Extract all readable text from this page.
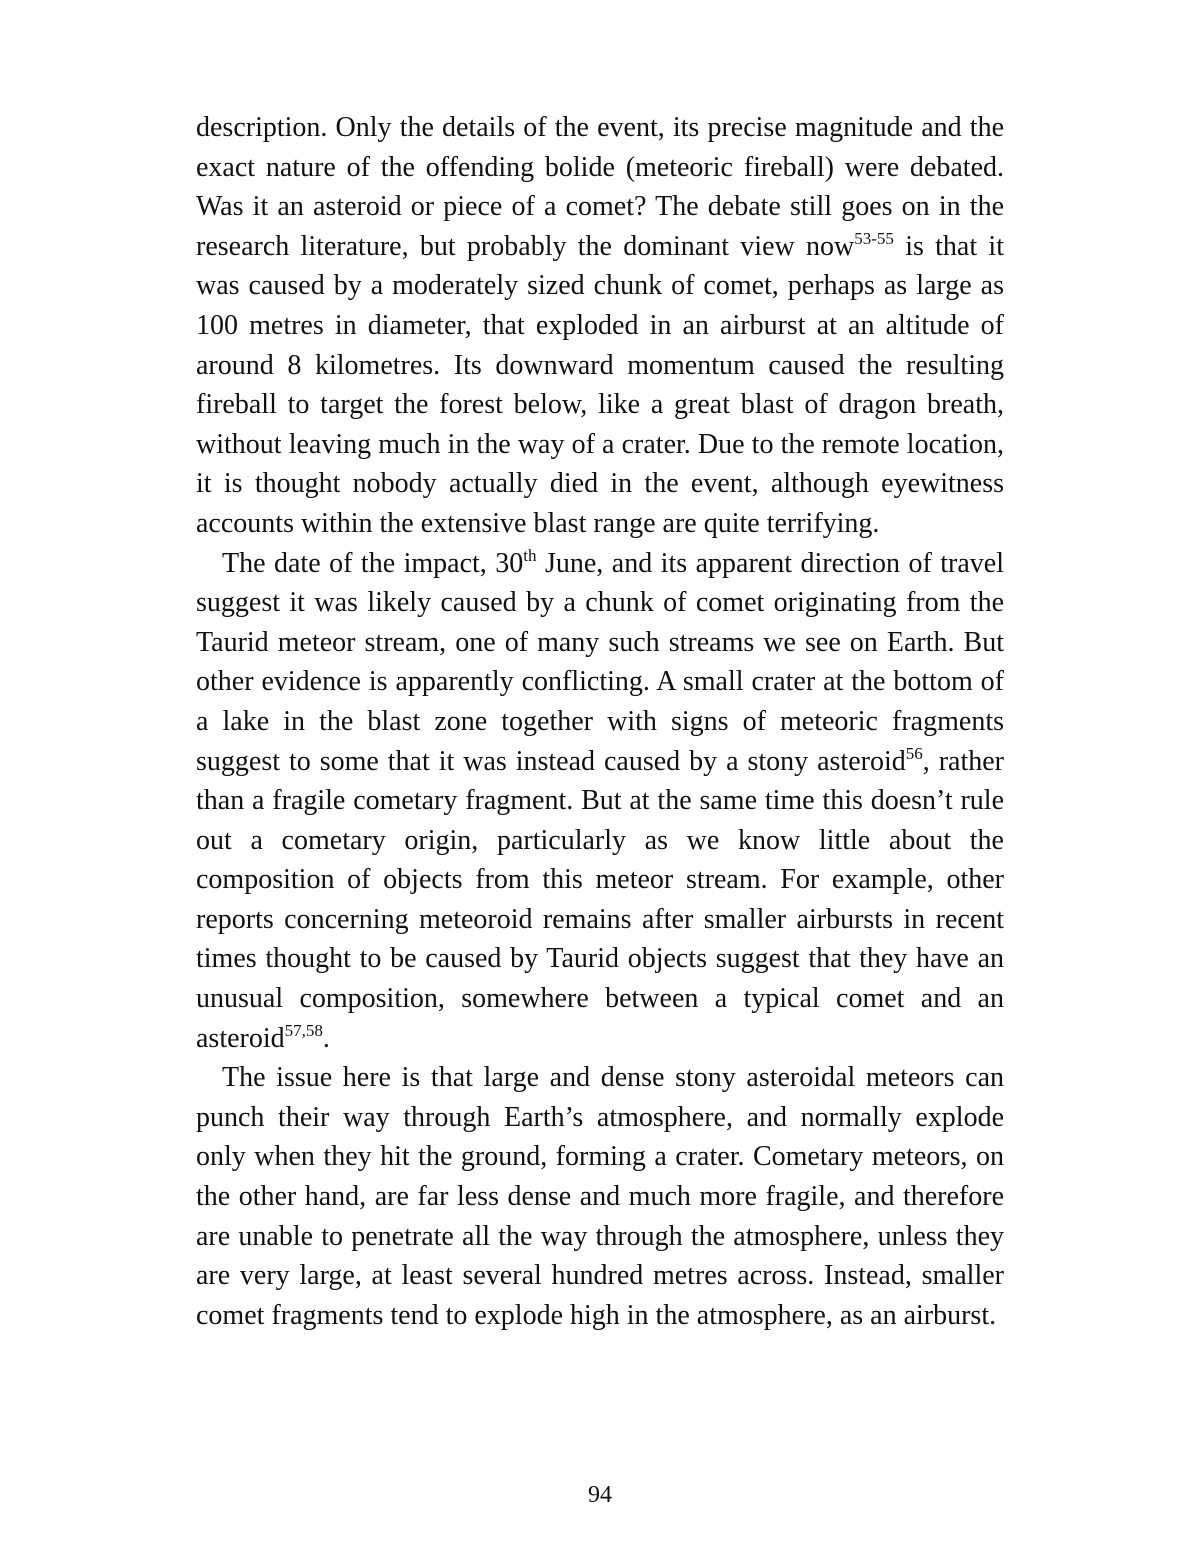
description. Only the details of the event, its precise magnitude and the exact nature of the offending bolide (meteoric fireball) were debated. Was it an asteroid or piece of a comet? The debate still goes on in the research literature, but probably the dominant view now$^{53-55}$ is that it was caused by a moderately sized chunk of comet, perhaps as large as 100 metres in diameter, that exploded in an airburst at an altitude of around 8 kilometres. Its downward momentum caused the resulting fireball to target the forest below, like a great blast of dragon breath, without leaving much in the way of a crater. Due to the remote location, it is thought nobody actually died in the event, although eyewitness accounts within the extensive blast range are quite terrifying.

The date of the impact, 30th June, and its apparent direction of travel suggest it was likely caused by a chunk of comet originating from the Taurid meteor stream, one of many such streams we see on Earth. But other evidence is apparently conflicting. A small crater at the bottom of a lake in the blast zone together with signs of meteoric fragments suggest to some that it was instead caused by a stony asteroid$^{56}$, rather than a fragile cometary fragment. But at the same time this doesn’t rule out a cometary origin, particularly as we know little about the composition of objects from this meteor stream. For example, other reports concerning meteoroid remains after smaller airbursts in recent times thought to be caused by Taurid objects suggest that they have an unusual composition, somewhere between a typical comet and an asteroid$^{57,58}$.

The issue here is that large and dense stony asteroidal meteors can punch their way through Earth’s atmosphere, and normally explode only when they hit the ground, forming a crater. Cometary meteors, on the other hand, are far less dense and much more fragile, and therefore are unable to penetrate all the way through the atmosphere, unless they are very large, at least several hundred metres across. Instead, smaller comet fragments tend to explode high in the atmosphere, as an airburst.

94
